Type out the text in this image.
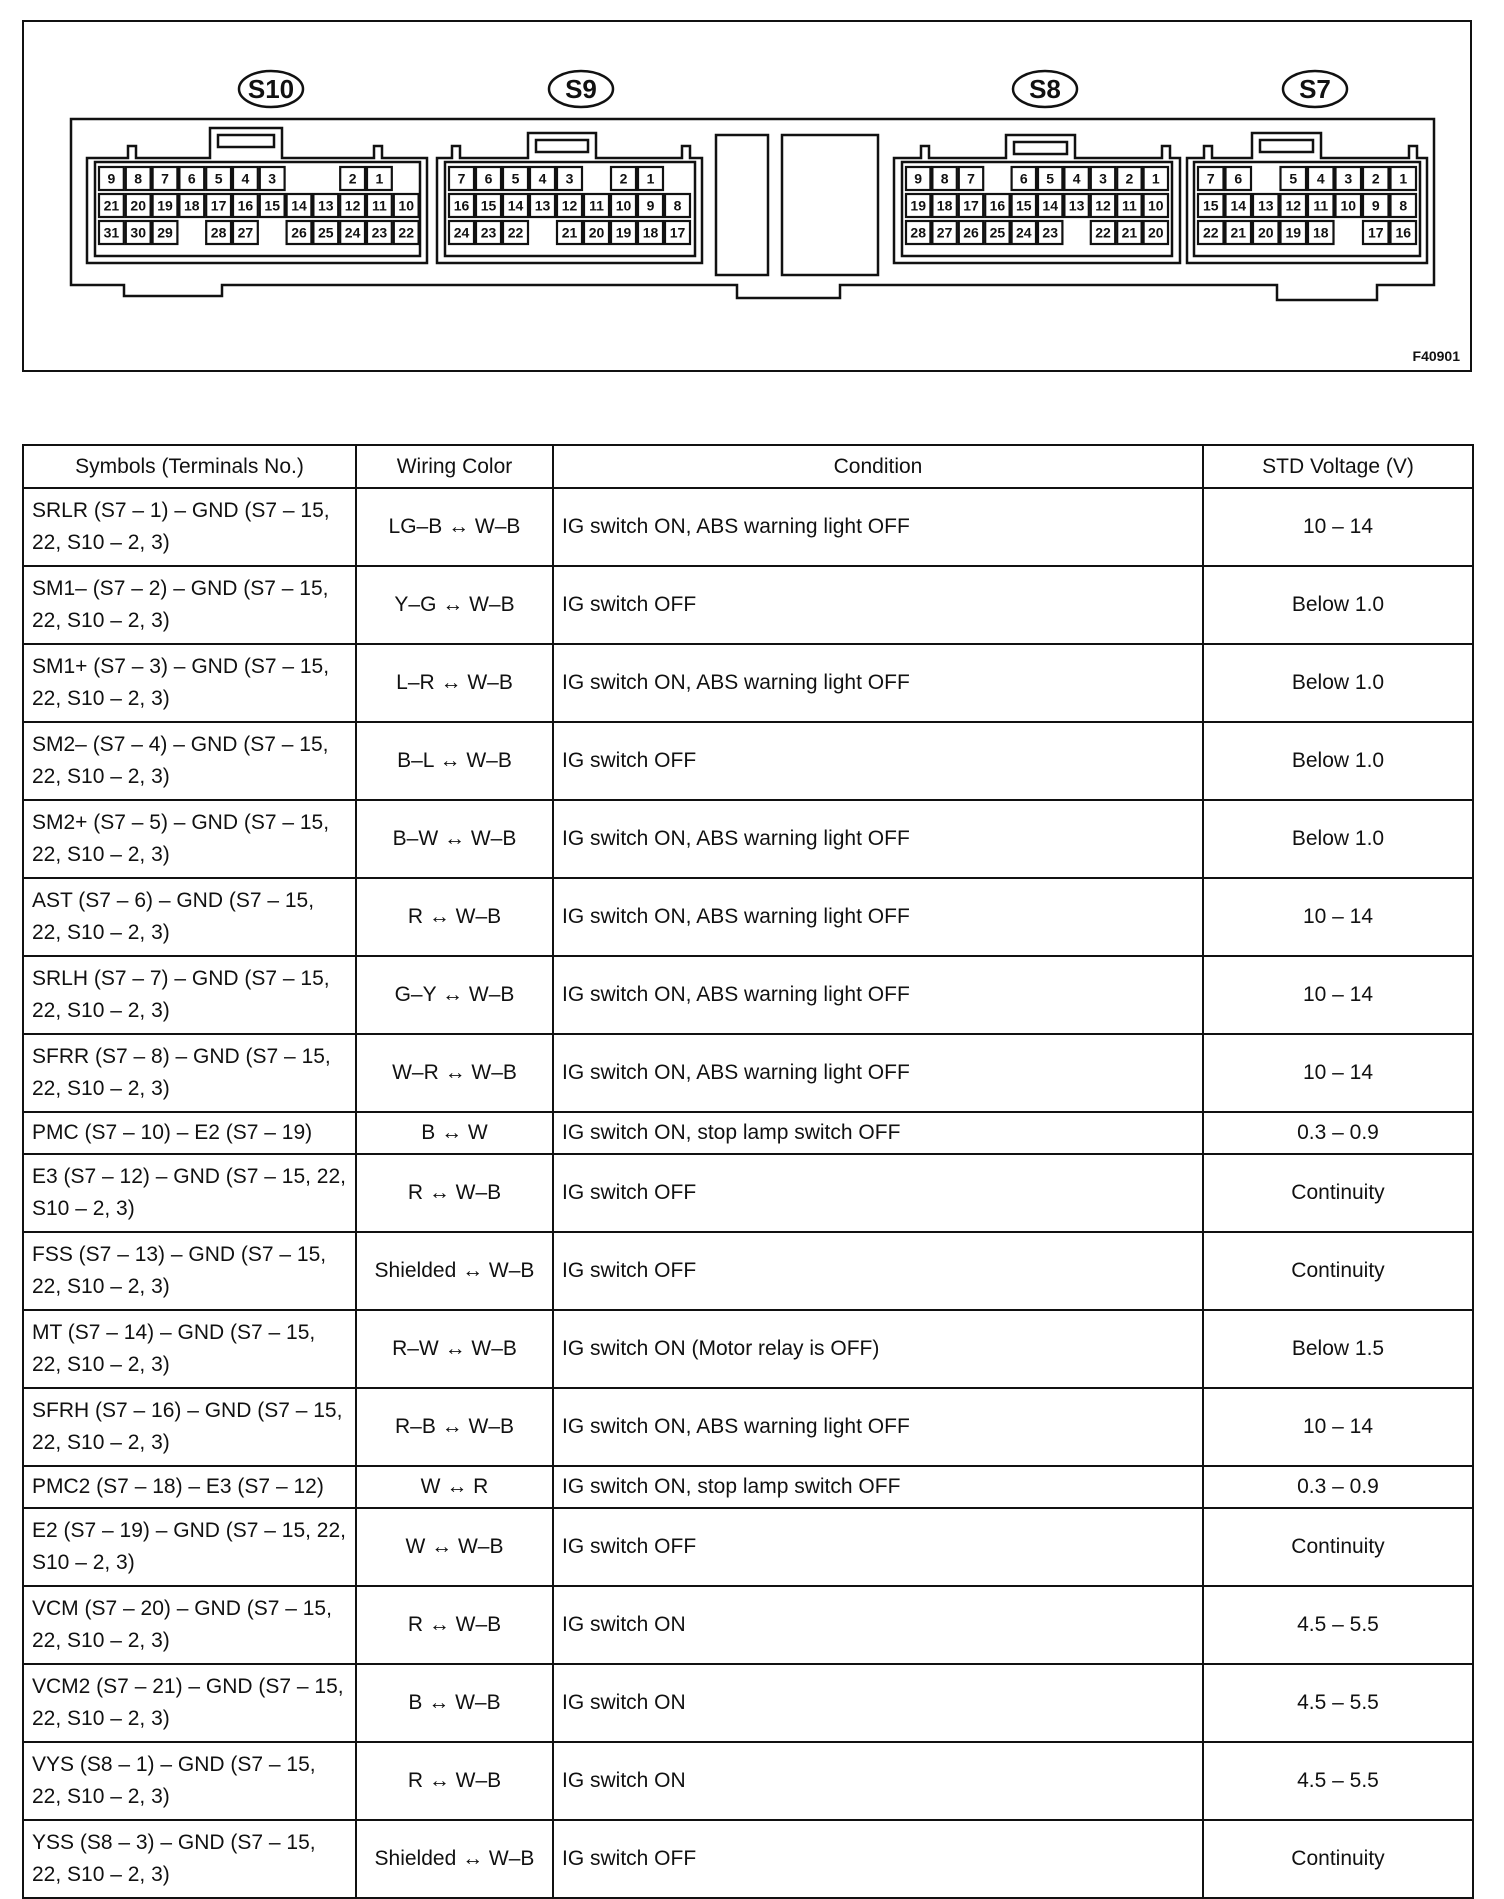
9 8 7 6 5 4 3	2 1
21 20 19 18 17 16 15 14 13 12 11 10
31 30 29	28 27	26 25 24 23 22
7 6 5 4 3	2 1
16 15 14 13 12 11 10 9 8
24 23 22	21 20 19 18 17
9 8 7	6 5 4 3 2 1
19 18 17 16 15 14 13 12 11 10
28 27 26 25 24 23	22 21 20
7 6	5 4 3 2 1
15 14 13 12 11 10 9 8
22 21 20 19 18	17 16
S10	S9	S8	S7
F40901
Symbols (Terminals No.)	Wiring Color	Condition	STD Voltage (V)
SRLR (S7 – 1) – GND (S7 – 15, 22, S10 – 2, 3)	LG–B ↔ W–B	IG switch ON, ABS warning light OFF	10 – 14
SM1– (S7 – 2) – GND (S7 – 15, 22, S10 – 2, 3)	Y–G ↔ W–B	IG switch OFF	Below 1.0
SM1+ (S7 – 3) – GND (S7 – 15, 22, S10 – 2, 3)	L–R ↔ W–B	IG switch ON, ABS warning light OFF	Below 1.0
SM2– (S7 – 4) – GND (S7 – 15, 22, S10 – 2, 3)	B–L ↔ W–B	IG switch OFF	Below 1.0
SM2+ (S7 – 5) – GND (S7 – 15, 22, S10 – 2, 3)	B–W ↔ W–B	IG switch ON, ABS warning light OFF	Below 1.0
AST (S7 – 6) – GND (S7 – 15, 22, S10 – 2, 3)	R ↔ W–B	IG switch ON, ABS warning light OFF	10 – 14
SRLH (S7 – 7) – GND (S7 – 15, 22, S10 – 2, 3)	G–Y ↔ W–B	IG switch ON, ABS warning light OFF	10 – 14
SFRR (S7 – 8) – GND (S7 – 15, 22, S10 – 2, 3)	W–R ↔ W–B	IG switch ON, ABS warning light OFF	10 – 14
PMC (S7 – 10) – E2 (S7 – 19)	B ↔ W	IG switch ON, stop lamp switch OFF	0.3 – 0.9
E3 (S7 – 12) – GND (S7 – 15, 22, S10 – 2, 3)	R ↔ W–B	IG switch OFF	Continuity
FSS (S7 – 13) – GND (S7 – 15, 22, S10 – 2, 3)	Shielded ↔ W–B	IG switch OFF	Continuity
MT (S7 – 14) – GND (S7 – 15, 22, S10 – 2, 3)	R–W ↔ W–B	IG switch ON (Motor relay is OFF)	Below 1.5
SFRH (S7 – 16) – GND (S7 – 15, 22, S10 – 2, 3)	R–B ↔ W–B	IG switch ON, ABS warning light OFF	10 – 14
PMC2 (S7 – 18) – E3 (S7 – 12)	W ↔ R	IG switch ON, stop lamp switch OFF	0.3 – 0.9
E2 (S7 – 19) – GND (S7 – 15, 22, S10 – 2, 3)	W ↔ W–B	IG switch OFF	Continuity
VCM (S7 – 20) – GND (S7 – 15, 22, S10 – 2, 3)	R ↔ W–B	IG switch ON	4.5 – 5.5
VCM2 (S7 – 21) – GND (S7 – 15, 22, S10 – 2, 3)	B ↔ W–B	IG switch ON	4.5 – 5.5
VYS (S8 – 1) – GND (S7 – 15, 22, S10 – 2, 3)	R ↔ W–B	IG switch ON	4.5 – 5.5
YSS (S8 – 3) – GND (S7 – 15, 22, S10 – 2, 3)	Shielded ↔ W–B	IG switch OFF	Continuity
